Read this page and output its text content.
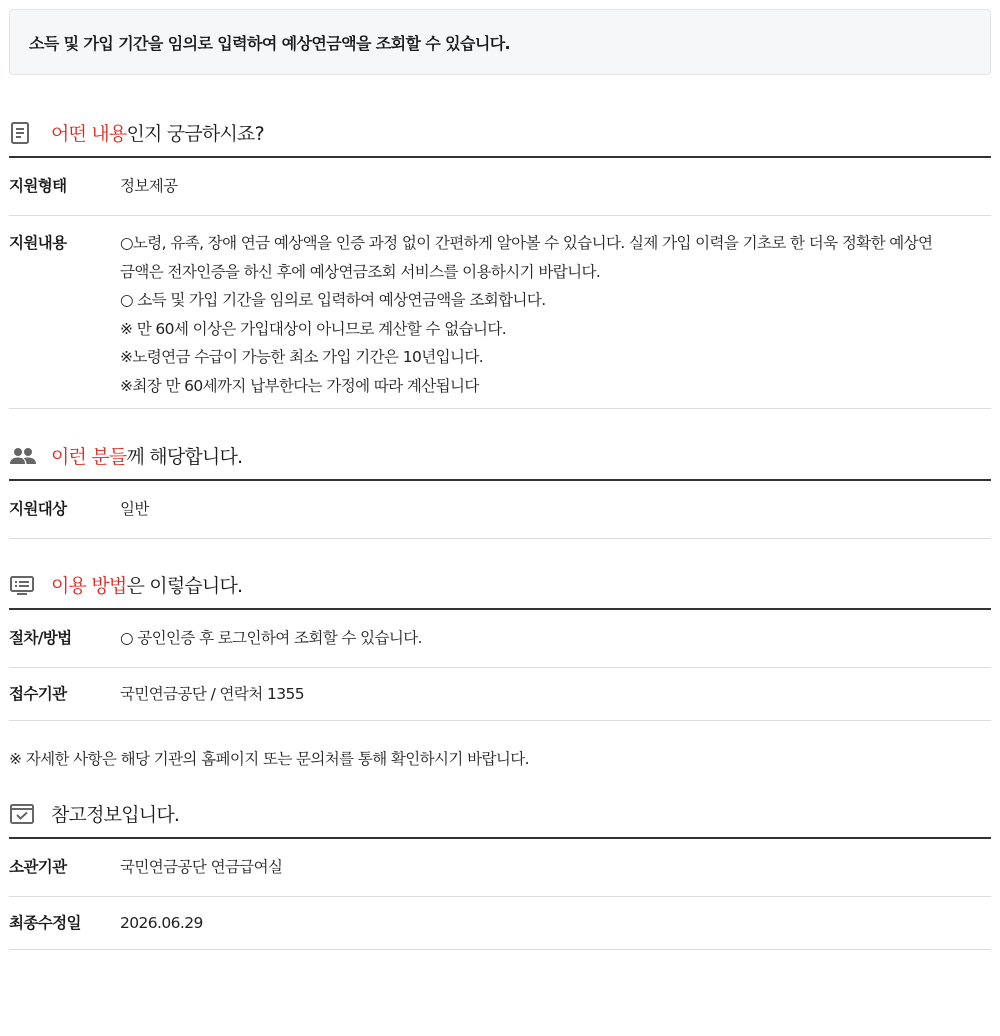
소득 및 가입 기간을 임의로 입력하여 예상연금액을 조회할 수 있습니다.
어떤 내용 인지 궁금하시죠?
지원형태	정보제공
지원내용	○노령, 유족, 장애 연금 예상액을 인증 과정 없이 간편하게 알아볼 수 있습니다. 실제 가입 이력을 기초로 한 더욱 정확한 예상연
금액은 전자인증을 하신 후에 예상연금조회 서비스를 이용하시기 바랍니다.
○ 소득 및 가입 기간을 임의로 입력하여 예상연금액을 조회합니다.
※ 만 60세 이상은 가입대상이 아니므로 계산할 수 없습니다.
※노령연금 수급이 가능한 최소 가입 기간은 10년입니다.
※최장 만 60세까지 납부한다는 가정에 따라 계산됩니다
이런 분들 께 해당합니다.
지원대상	일반
이용 방법 은 이렇습니다.
절차/방법	○ 공인인증 후 로그인하여 조회할 수 있습니다.
접수기관	국민연금공단 / 연락처 1355
※ 자세한 사항은 해당 기관의 홈페이지 또는 문의처를 통해 확인하시기 바랍니다.
참고정보입니다.
소관기관	국민연금공단 연금급여실
최종수정일	2026.06.29
